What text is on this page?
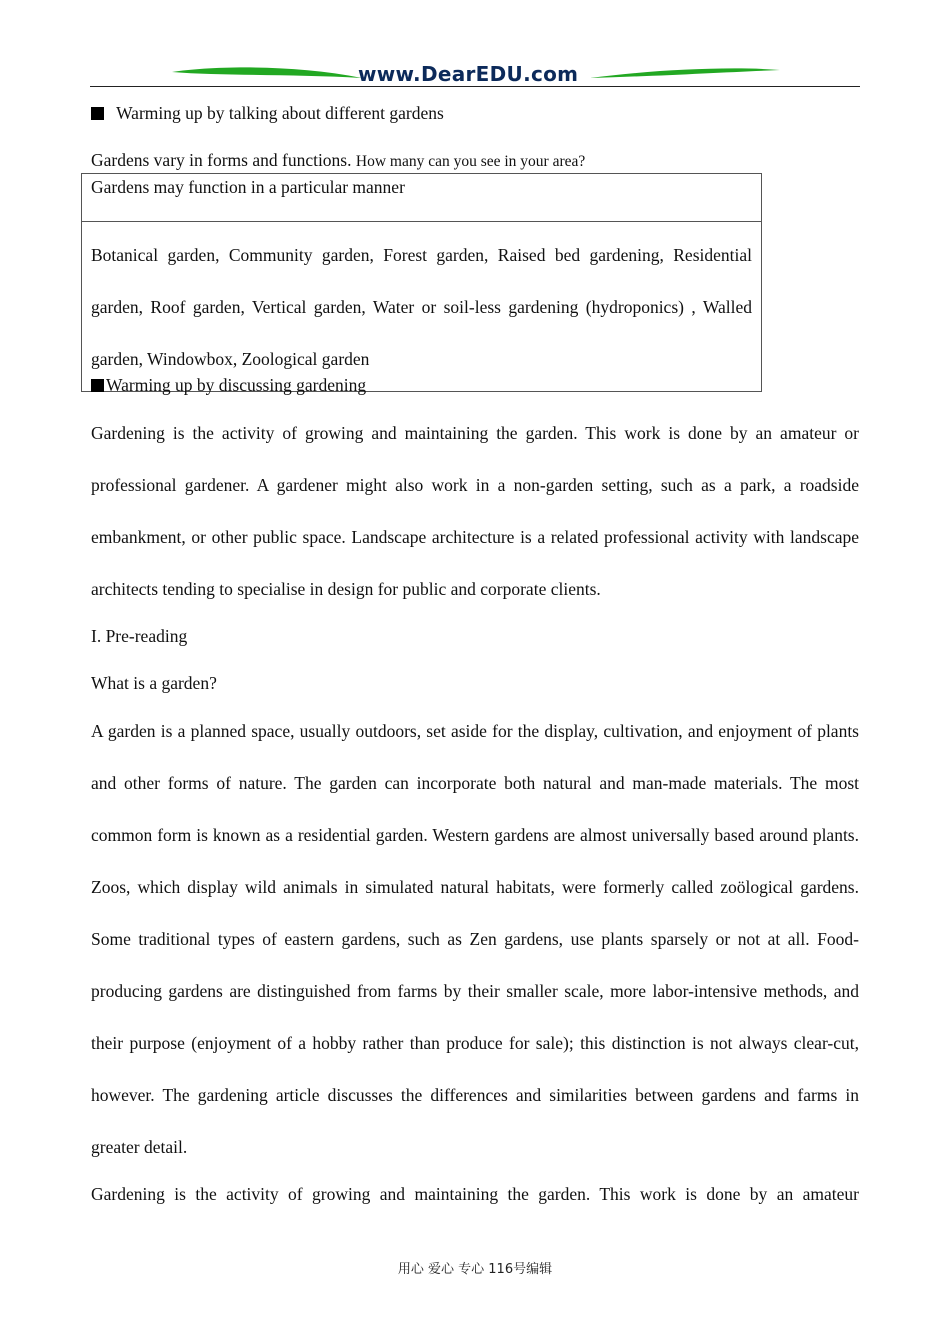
www.DearEDU.com

Warming up by talking about different gardens

Gardens vary in forms and functions. How many can you see in your area?

Gardens may function in a particular manner

Botanical garden, Community garden, Forest garden, Raised bed gardening, Residential garden, Roof garden, Vertical garden, Water or soil-less gardening (hydroponics) , Walled garden, Windowbox, Zoological garden

Warming up by discussing gardening

Gardening is the activity of growing and maintaining the garden. This work is done by an amateur or professional gardener. A gardener might also work in a non-garden setting, such as a park, a roadside embankment, or other public space. Landscape architecture is a related professional activity with landscape architects tending to specialise in design for public and corporate clients.

I. Pre-reading

What is a garden?

A garden is a planned space, usually outdoors, set aside for the display, cultivation, and enjoyment of plants and other forms of nature. The garden can incorporate both natural and man-made materials. The most common form is known as a residential garden. Western gardens are almost universally based around plants. Zoos, which display wild animals in simulated natural habitats, were formerly called zoölogical gardens. Some traditional types of eastern gardens, such as Zen gardens, use plants sparsely or not at all. Food-producing gardens are distinguished from farms by their smaller scale, more labor-intensive methods, and their purpose (enjoyment of a hobby rather than produce for sale); this distinction is not always clear-cut, however. The gardening article discusses the differences and similarities between gardens and farms in greater detail.

Gardening is the activity of growing and maintaining the garden. This work is done by an amateur

用心 爱心 专心 116号编辑
